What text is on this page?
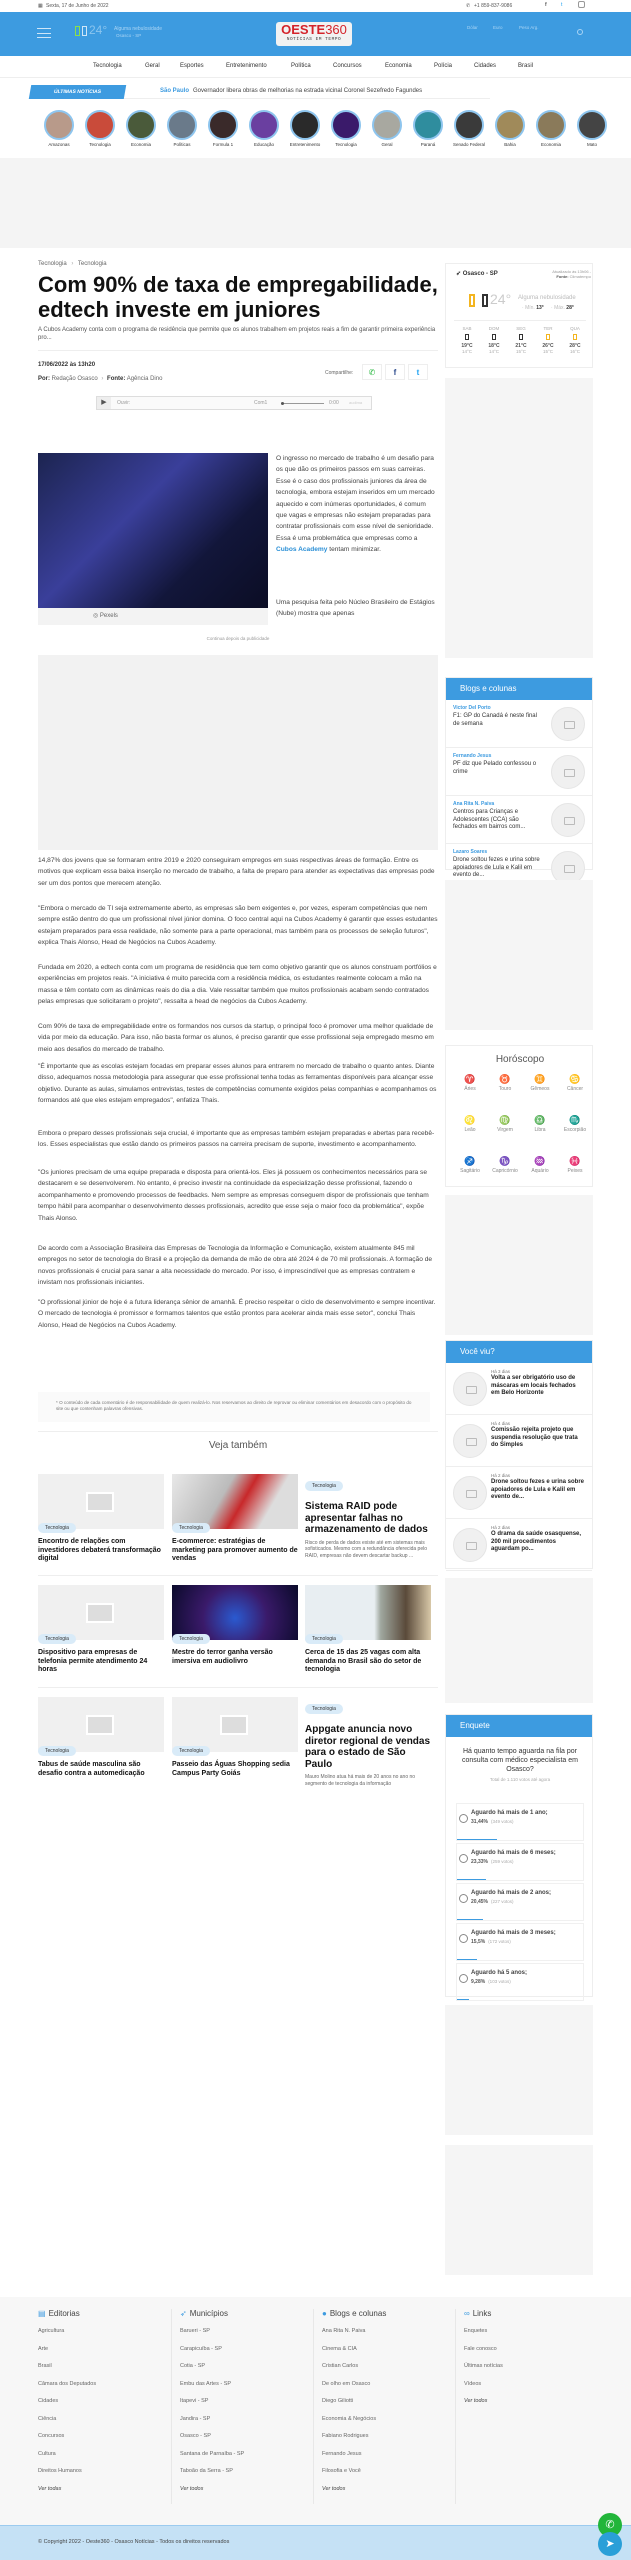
▦ Sexta, 17 de Junho de 2022	✆ +1 859-837-9086	f	t
24° Alguma nebulosidade
Osasco - SP	OESTE360
NOTÍCIAS EM TEMPO
Dólar	Euro	Peso Arg.
Tecnologia	Geral	Esportes	Entretenimento	Política	Concursos	Economia	Polícia	Cidades	Brasil
ÚLTIMAS NOTÍCIAS	São Paulo Governador libera obras de melhorias na estrada vicinal Coronel Sezefredo Fagundes
Amazonas	Tecnologia	Economia	Políticas	Formula 1	Educação	Entretenimento	Tecnologia	Geral	Paraná	Senado Federal	Bahia	Economia	Mato
Tecnologia › Tecnologia
Com 90% de taxa de empregabilidade, edtech investe em juniores
A Cubos Academy conta com o programa de residência que permite que os alunos trabalhem em projetos reais a fim de garantir primeira experiência pro...
17/06/2022 às 13h20
Por: Redação Osasco › Fonte: Agência Dino
Compartilhe:	✆	f	t
▶	Ouvir:	Com1	0:00	audima
◎ Pexels
O ingresso no mercado de trabalho é um desafio para os que dão os primeiros passos em suas carreiras. Esse é o caso dos profissionais juniores da área de tecnologia, embora estejam inseridos em um mercado aquecido e com inúmeras oportunidades, é comum que vagas e empresas não estejam preparadas para contratar profissionais com esse nível de senioridade. Essa é uma problemática que empresas como a Cubos Academy tentam minimizar.
Uma pesquisa feita pelo Núcleo Brasileiro de Estágios (Nube) mostra que apenas
Continua depois da publicidade
14,87% dos jovens que se formaram entre 2019 e 2020 conseguiram empregos em suas respectivas áreas de formação. Entre os motivos que explicam essa baixa inserção no mercado de trabalho, a falta de preparo para atender as expectativas das empresas pode ser um dos pontos que merecem atenção.
"Embora o mercado de TI seja extremamente aberto, as empresas são bem exigentes e, por vezes, esperam competências que nem sempre estão dentro do que um profissional nível júnior domina. O foco central aqui na Cubos Academy é garantir que esses estudantes estejam preparados para essa realidade, não somente para a parte operacional, mas também para os processos de seleção futuros", explica Thais Alonso, Head de Negócios na Cubos Academy.
Fundada em 2020, a edtech conta com um programa de residência que tem como objetivo garantir que os alunos construam portfólios e experiências em projetos reais. "A iniciativa é muito parecida com a residência médica, os estudantes realmente colocam a mão na massa e têm contato com as dinâmicas reais do dia a dia. Vale ressaltar também que muitos profissionais acabam sendo contratados pelas empresas que solicitaram o projeto", ressalta a head de negócios da Cubos Academy.
Com 90% de taxa de empregabilidade entre os formandos nos cursos da startup, o principal foco é promover uma melhor qualidade de vida por meio da educação. Para isso, não basta formar os alunos, é preciso garantir que esse profissional seja empregado mesmo em meio aos desafios do mercado de trabalho.
"É importante que as escolas estejam focadas em preparar esses alunos para entrarem no mercado de trabalho o quanto antes. Diante disso, adequamos nossa metodologia para assegurar que esse profissional tenha todas as ferramentas disponíveis para alcançar esse objetivo. Durante as aulas, simulamos entrevistas, testes de competências comumente exigidos pelas companhias e acompanhamos os formandos até que eles estejam empregados", enfatiza Thais.
Embora o preparo desses profissionais seja crucial, é importante que as empresas também estejam preparadas e abertas para recebê-los. Esses especialistas que estão dando os primeiros passos na carreira precisam de suporte, investimento e acompanhamento.
"Os juniores precisam de uma equipe preparada e disposta para orientá-los. Eles já possuem os conhecimentos necessários para se destacarem e se desenvolverem. No entanto, é preciso investir na continuidade da especialização desse profissional, fazendo o acompanhamento e promovendo processos de feedbacks. Nem sempre as empresas conseguem dispor de profissionais que tenham tempo hábil para acompanhar o desenvolvimento desses profissionais, acredito que esse seja o maior foco da problemática", expõe Thais Alonso.
De acordo com a Associação Brasileira das Empresas de Tecnologia da Informação e Comunicação, existem atualmente 845 mil empregos no setor de tecnologia do Brasil e a projeção da demanda de mão de obra até 2024 é de 70 mil profissionais. A formação de novos profissionais é crucial para sanar a alta necessidade do mercado. Por isso, é imprescindível que as empresas contratem e invistam nos profissionais iniciantes.
"O profissional júnior de hoje é a futura liderança sênior de amanhã. É preciso respeitar o ciclo de desenvolvimento e sempre incentivar. O mercado de tecnologia é promissor e formamos talentos que estão prontos para acelerar ainda mais esse setor", conclui Thais Alonso, Head de Negócios na Cubos Academy.
* O conteúdo de cada comentário é de responsabilidade de quem realizá-lo. Nos reservamos ao direito de reprovar ou eliminar comentários em desacordo com o propósito do site ou que contenham palavras ofensivas.
Veja também
Tecnologia
Encontro de relações com investidores debaterá transformação digital
Tecnologia
E-commerce: estratégias de marketing para promover aumento de vendas
Tecnologia
Sistema RAID pode apresentar falhas no armazenamento de dados
Risco de perda de dados existe até em sistemas mais sofisticados. Mesmo com a redundância oferecida pelo RAID, empresas não devem descartar backup ...
Tecnologia
Dispositivo para empresas de telefonia permite atendimento 24 horas
Tecnologia
Mestre do terror ganha versão imersiva em audiolivro
Tecnologia
Cerca de 15 das 25 vagas com alta demanda no Brasil são do setor de tecnologia
Tecnologia
Tabus de saúde masculina são desafio contra a automedicação
Tecnologia
Passeio das Águas Shopping sedia Campus Party Goiás
Tecnologia
Appgate anuncia novo diretor regional de vendas para o estado de São Paulo
Mauro Molino atua há mais de 20 anos no ano no segmento de tecnologia da informação
➶ Osasco - SP	Atualizado às 13h06 -
Fonte: Climatempo
24° Alguma nebulosidade
· Mín. 13° · Máx. 28°
SAB
19°C
14°C
DOM
18°C
14°C
SEG
21°C
15°C
TER
26°C
15°C
QUA
28°C
16°C
Blogs e colunas
Victor Del Porto
F1: GP do Canadá é neste final de semana
Fernando Jesus
PF diz que Pelado confessou o crime
Ana Rita N. Paiva
Centros para Crianças e Adolescentes (CCA) são fechados em bairros com...
Lazaro Soares
Drone soltou fezes e urina sobre apoiadores de Lula e Kalil em evento de...
Horóscopo
♈
Áries
♉
Touro
♊
Gêmeos
♋
Câncer
♌
Leão
♍
Virgem
♎
Libra
♏
Escorpião
♐
Sagitário
♑
Capricórnio
♒
Aquário
♓
Peixes
Você viu?
Há 3 dias
Volta a ser obrigatório uso de máscaras em locais fechados em Belo Horizonte
Há 4 dias
Comissão rejeita projeto que suspendia resolução que trata do Simples
Há 2 dias
Drone soltou fezes e urina sobre apoiadores de Lula e Kalil em evento de...
Há 2 dias
O drama da saúde osasquense, 200 mil procedimentos aguardam po...
Enquete
Há quanto tempo aguarda na fila por consulta com médico especialista em Osasco?
Total de 1.110 votos até agora
Aguardo há mais de 1 ano;
31,44% (349 votos)
Aguardo há mais de 6 meses;
23,33% (259 votos)
Aguardo há mais de 2 anos;
20,45% (227 votos)
Aguardo há mais de 3 meses;
15,5% (172 votos)
Aguardo há 5 anos;
9,28% (103 votos)
▤ Editorias
Agricultura
Arte
Brasil
Câmara dos Deputados
Cidades
Ciência
Concursos
Cultura
Direitos Humanos
Ver todas
➶ Municípios
Barueri - SP
Carapicuíba - SP
Cotia - SP
Embu das Artes - SP
Itapevi - SP
Jandira - SP
Osasco - SP
Santana de Parnaíba - SP
Taboão da Serra - SP
Ver todos
● Blogs e colunas
Ana Rita N. Paiva
Cinema & CIA
Cristian Carlos
De olho em Osasco
Diego Giliotti
Economia & Negócios
Fabiano Rodrigues
Fernando Jesus
Filosofia e Você
Ver todos
∞ Links
Enquetes
Fale conosco
Últimas notícias
Vídeos
Ver todos
© Copyright 2022 - Oeste360 - Osasco Notícias - Todos os direitos reservados
✆
➤
